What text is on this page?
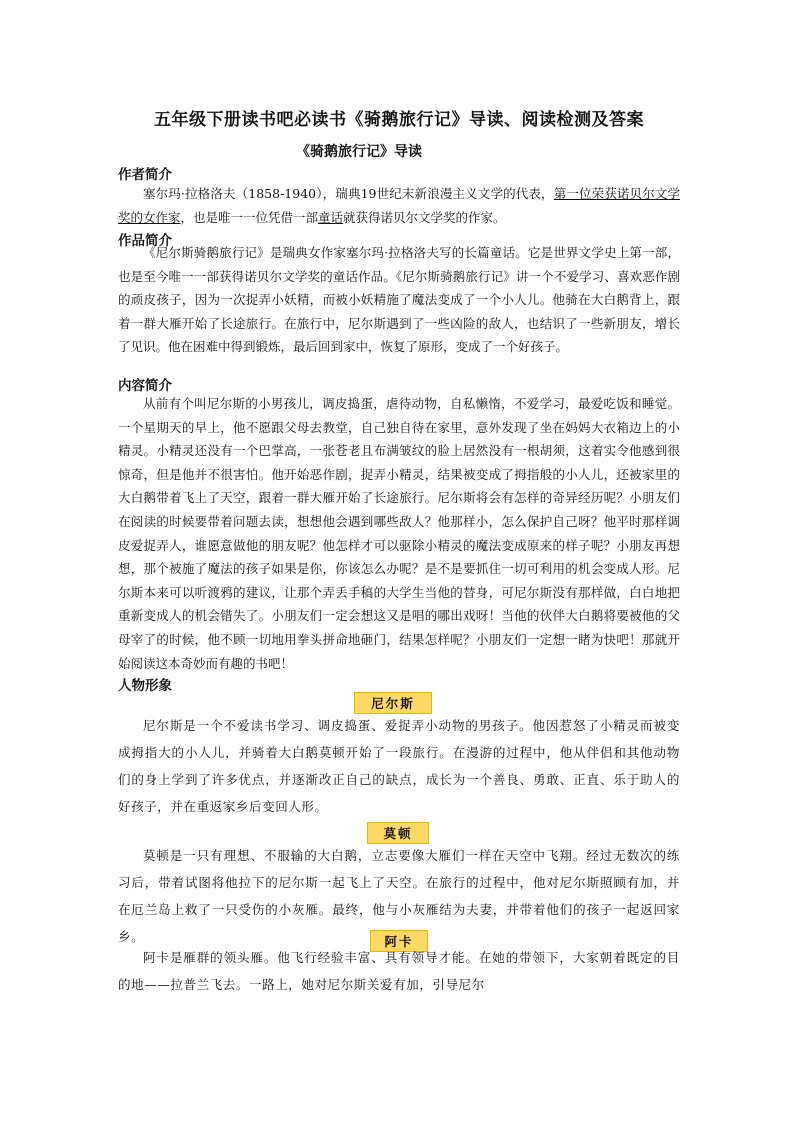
五年级下册读书吧必读书《骑鹅旅行记》导读、阅读检测及答案
《骑鹅旅行记》导读
作者简介

塞尔玛·拉格洛夫（1858-1940），瑞典19世纪末新浪漫主义文学的代表，第一位荣获诺贝尔文学奖的女作家，也是唯一一位凭借一部童话就获得诺贝尔文学奖的作家。

作品简介

《尼尔斯骑鹅旅行记》是瑞典女作家塞尔玛·拉格洛夫写的长篇童话。它是世界文学史上第一部，也是至今唯一一部获得诺贝尔文学奖的童话作品。《尼尔斯骑鹅旅行记》讲一个不爱学习、喜欢恶作剧的顽皮孩子，因为一次捉弄小妖精，而被小妖精施了魔法变成了一个小人儿。他骑在大白鹅背上，跟着一群大雁开始了长途旅行。在旅行中，尼尔斯遇到了一些凶险的敌人，也结识了一些新朋友，增长了见识。他在困难中得到锻炼，最后回到家中，恢复了原形，变成了一个好孩子。

内容简介

从前有个叫尼尔斯的小男孩儿，调皮捣蛋，虐待动物，自私懒惰，不爱学习，最爱吃饭和睡觉。一个星期天的早上，他不愿跟父母去教堂，自己独自待在家里，意外发现了坐在妈妈大衣箱边上的小精灵。小精灵还没有一个巴掌高，一张苍老且布满皱纹的脸上居然没有一根胡须，这着实令他感到很惊奇，但是他并不很害怕。他开始恶作剧，捉弄小精灵，结果被变成了拇指般的小人儿，还被家里的大白鹅带着飞上了天空，跟着一群大雁开始了长途旅行。尼尔斯将会有怎样的奇异经历呢？小朋友们在阅读的时候要带着问题去读，想想他会遇到哪些敌人？他那样小，怎么保护自己呀？他平时那样调皮爱捉弄人，谁愿意做他的朋友呢？他怎样才可以驱除小精灵的魔法变成原来的样子呢？小朋友再想想，那个被施了魔法的孩子如果是你，你该怎么办呢？是不是要抓住一切可利用的机会变成人形。尼尔斯本来可以听渡鸦的建议，让那个弄丢手稿的大学生当他的替身，可尼尔斯没有那样做，白白地把重新变成人的机会错失了。小朋友们一定会想这又是唱的哪出戏呀！当他的伙伴大白鹅将要被他的父母宰了的时候，他不顾一切地用拳头拼命地砸门，结果怎样呢？小朋友们一定想一睹为快吧！那就开始阅读这本奇妙而有趣的书吧！

人物形象
尼尔斯

尼尔斯是一个不爱读书学习、调皮捣蛋、爱捉弄小动物的男孩子。他因惹怒了小精灵而被变成拇指大的小人儿，并骑着大白鹅莫顿开始了一段旅行。在漫游的过程中，他从伴侣和其他动物们的身上学到了许多优点，并逐渐改正自己的缺点，成长为一个善良、勇敢、正直、乐于助人的好孩子，并在重返家乡后变回人形。

莫顿

莫顿是一只有理想、不服输的大白鹅，立志要像大雁们一样在天空中飞翔。经过无数次的练习后，带着试图将他拉下的尼尔斯一起飞上了天空。在旅行的过程中，他对尼尔斯照顾有加，并在厄兰岛上救了一只受伤的小灰雁。最终，他与小灰雁结为夫妻，并带着他们的孩子一起返回家乡。	阿卡

阿卡是雁群的领头雁。他飞行经验丰富、具有领导才能。在她的带领下，大家朝着既定的目的地——拉普兰飞去。一路上，她对尼尔斯关爱有加，引导尼尔
